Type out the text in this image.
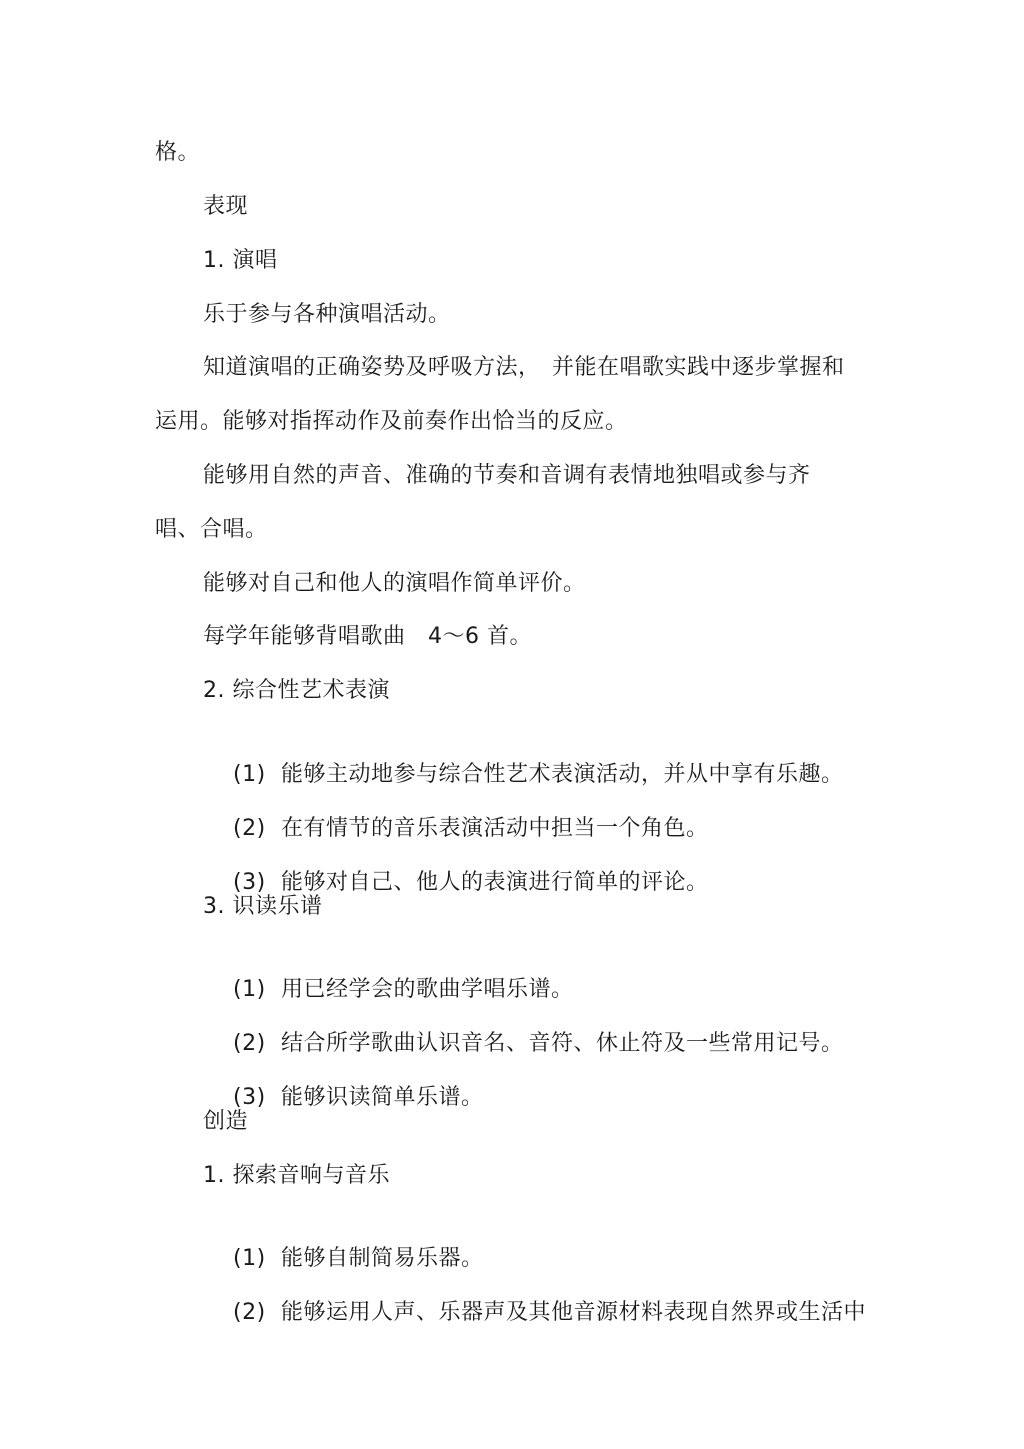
格。
表现
1. 演唱
乐于参与各种演唱活动。
知道演唱的正确姿势及呼吸方法，　并能在唱歌实践中逐步掌握和
运用。能够对指挥动作及前奏作出恰当的反应。
能够用自然的声音、准确的节奏和音调有表情地独唱或参与齐
唱、合唱。
能够对自己和他人的演唱作简单评价。
每学年能够背唱歌曲　4～6 首。
2. 综合性艺术表演

(1) 能够主动地参与综合性艺术表演活动，并从中享有乐趣。

(2) 在有情节的音乐表演活动中担当一个角色。

(3) 能够对自己、他人的表演进行简单的评论。

3. 识读乐谱

(1) 用已经学会的歌曲学唱乐谱。

(2) 结合所学歌曲认识音名、音符、休止符及一些常用记号。

(3) 能够识读简单乐谱。

创造
1. 探索音响与音乐

(1) 能够自制简易乐器。

(2) 能够运用人声、乐器声及其他音源材料表现自然界或生活中
